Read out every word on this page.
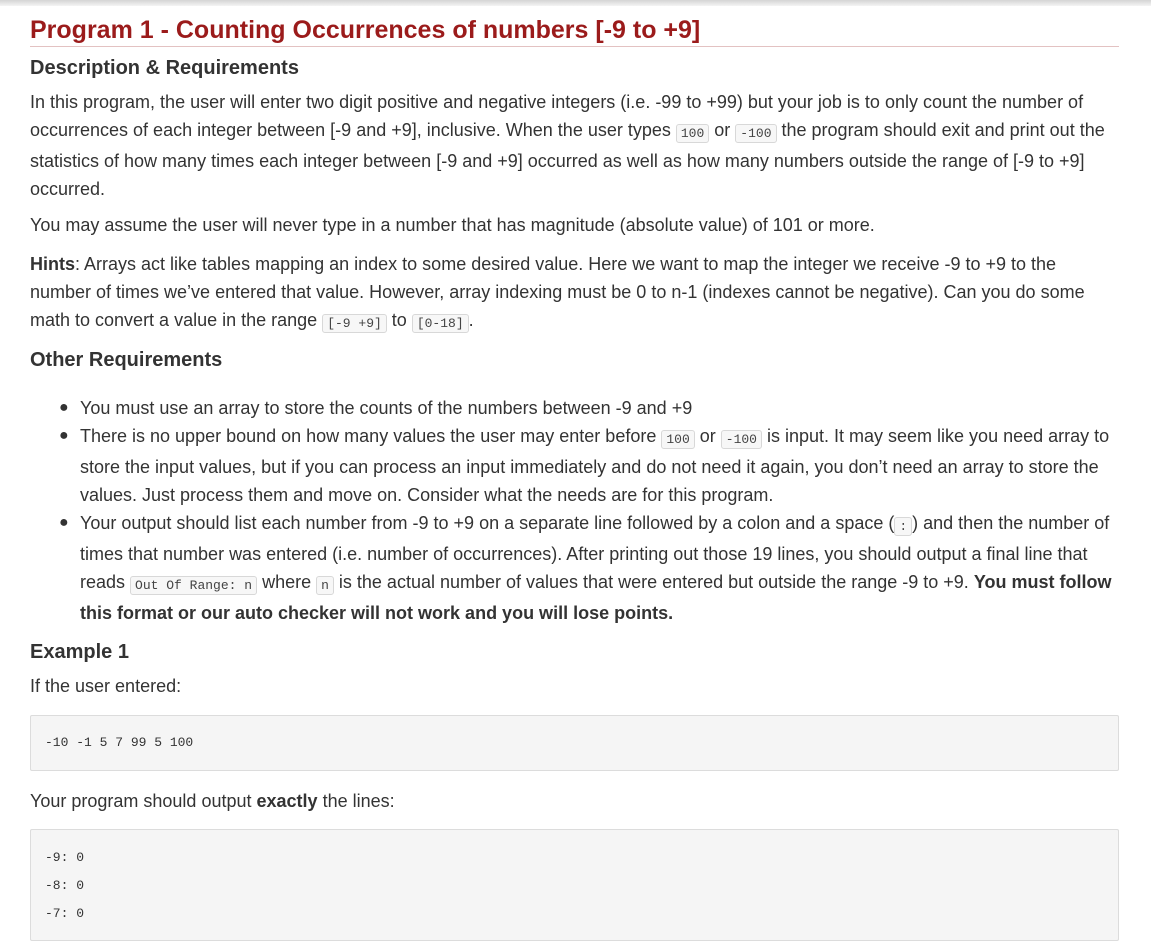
Program 1 - Counting Occurrences of numbers [-9 to +9]
Description & Requirements

In this program, the user will enter two digit positive and negative integers (i.e. -99 to +99) but your job is to only count the number of occurrences of each integer between [-9 and +9], inclusive. When the user types 100 or -100 the program should exit and print out the statistics of how many times each integer between [-9 and +9] occurred as well as how many numbers outside the range of [-9 to +9] occurred.

You may assume the user will never type in a number that has magnitude (absolute value) of 101 or more.

Hints: Arrays act like tables mapping an index to some desired value. Here we want to map the integer we receive -9 to +9 to the number of times we’ve entered that value. However, array indexing must be 0 to n-1 (indexes cannot be negative). Can you do some math to convert a value in the range [-9 +9] to [0-18] .

Other Requirements
● You must use an array to store the counts of the numbers between -9 and +9
● There is no upper bound on how many values the user may enter before 100 or -100 is input. It may seem like you need array to store the input values, but if you can process an input immediately and do not need it again, you don’t need an array to store the values. Just process them and move on. Consider what the needs are for this program.
● Your output should list each number from -9 to +9 on a separate line followed by a colon and a space ( : ) and then the number of times that number was entered (i.e. number of occurrences). After printing out those 19 lines, you should output a final line that reads Out Of Range: n where n is the actual number of values that were entered but outside the range -9 to +9. You must follow this format or our auto checker will not work and you will lose points.
Example 1

If the user entered:

-10 -1 5 7 99 5 100

Your program should output exactly the lines:

-9: 0
-8: 0
-7: 0
